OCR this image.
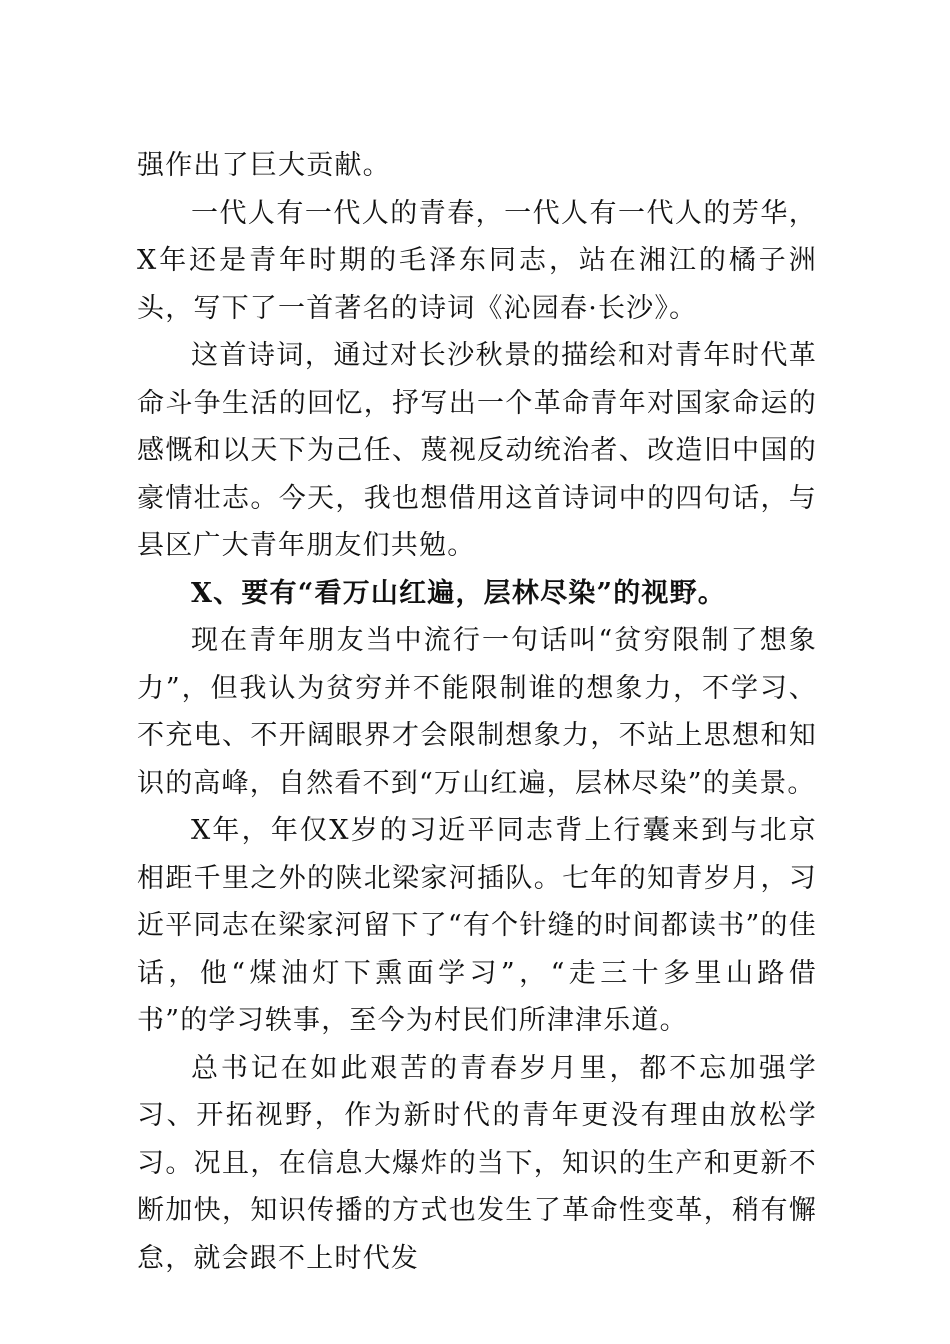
强作出了巨大贡献。

一代人有一代人的青春，一代人有一代人的芳华，X年还是青年时期的毛泽东同志，站在湘江的橘子洲头，写下了一首著名的诗词《沁园春·长沙》。

这首诗词，通过对长沙秋景的描绘和对青年时代革命斗争生活的回忆，抒写出一个革命青年对国家命运的感慨和以天下为己任、蔑视反动统治者、改造旧中国的豪情壮志。今天，我也想借用这首诗词中的四句话，与县区广大青年朋友们共勉。

X、要有“看万山红遍，层林尽染”的视野。

现在青年朋友当中流行一句话叫“贫穷限制了想象力”，但我认为贫穷并不能限制谁的想象力，不学习、不充电、不开阔眼界才会限制想象力，不站上思想和知识的高峰，自然看不到“万山红遍，层林尽染”的美景。

X年，年仅X岁的习近平同志背上行囊来到与北京相距千里之外的陕北梁家河插队。七年的知青岁月，习近平同志在梁家河留下了“有个针缝的时间都读书”的佳话，他“煤油灯下熏面学习”，“走三十多里山路借书”的学习轶事，至今为村民们所津津乐道。

总书记在如此艰苦的青春岁月里，都不忘加强学习、开拓视野，作为新时代的青年更没有理由放松学习。况且，在信息大爆炸的当下，知识的生产和更新不断加快，知识传播的方式也发生了革命性变革，稍有懈怠，就会跟不上时代发
